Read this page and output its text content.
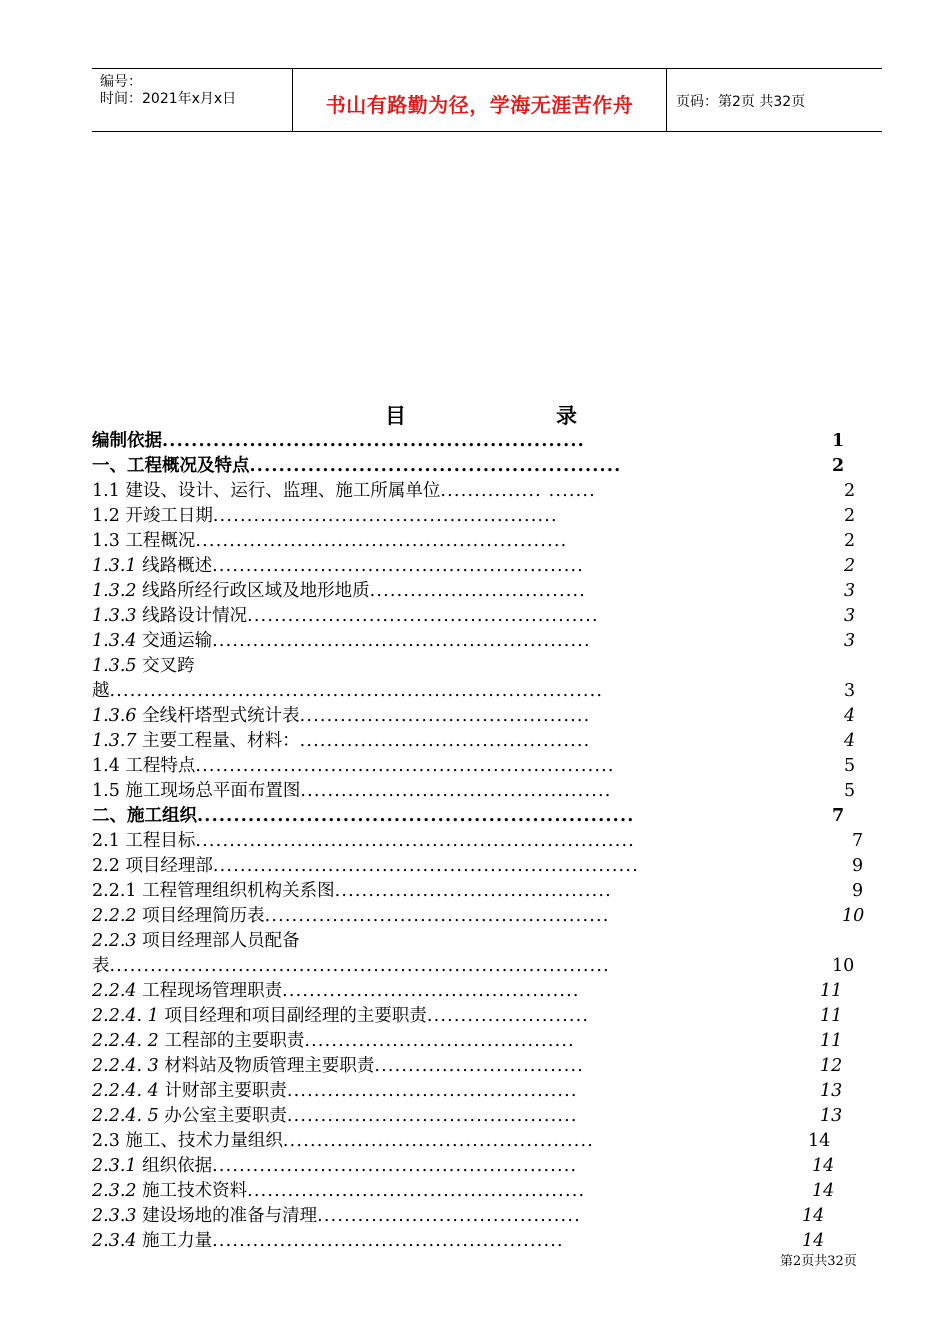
编号：
时间：2021年x月x日	书山有路勤为径，学海无涯苦作舟	页码：第2页 共32页
目	录
编制依据..........................................................	1
一、工程概况及特点...................................................	2
1.1 建设、设计、运行、监理、施工所属单位............... .......	2
1.2 开竣工日期...................................................	2
1.3 工程概况.......................................................	2
1.3.1 线路概述.......................................................	2
1.3.2 线路所经行政区域及地形地质................................	3
1.3.3 线路设计情况....................................................	3
1.3.4 交通运输........................................................	3
1.3.5 交叉跨
越.........................................................................	3
1.3.6 全线杆塔型式统计表...........................................	4
1.3.7 主要工程量、材料：...........................................	4
1.4 工程特点..............................................................	5
1.5 施工现场总平面布置图..............................................	5
二、施工组织............................................................	7
2.1 工程目标.................................................................	7
2.2 项目经理部...............................................................	9
2.2.1 工程管理组织机构关系图.........................................	9
2.2.2 项目经理简历表...................................................	10
2.2.3 项目经理部人员配备
表..........................................................................	10
2.2.4 工程现场管理职责............................................	11
2.2.4. 1 项目经理和项目副经理的主要职责........................	11
2.2.4. 2 工程部的主要职责........................................	11
2.2.4. 3 材料站及物质管理主要职责...............................	12
2.2.4. 4 计财部主要职责...........................................	13
2.2.4. 5 办公室主要职责...........................................	13
2.3 施工、技术力量组织..............................................	14
2.3.1 组织依据......................................................	14
2.3.2 施工技术资料..................................................	14
2.3.3 建设场地的准备与清理.......................................	14
2.3.4 施工力量....................................................	14
第2页共32页
